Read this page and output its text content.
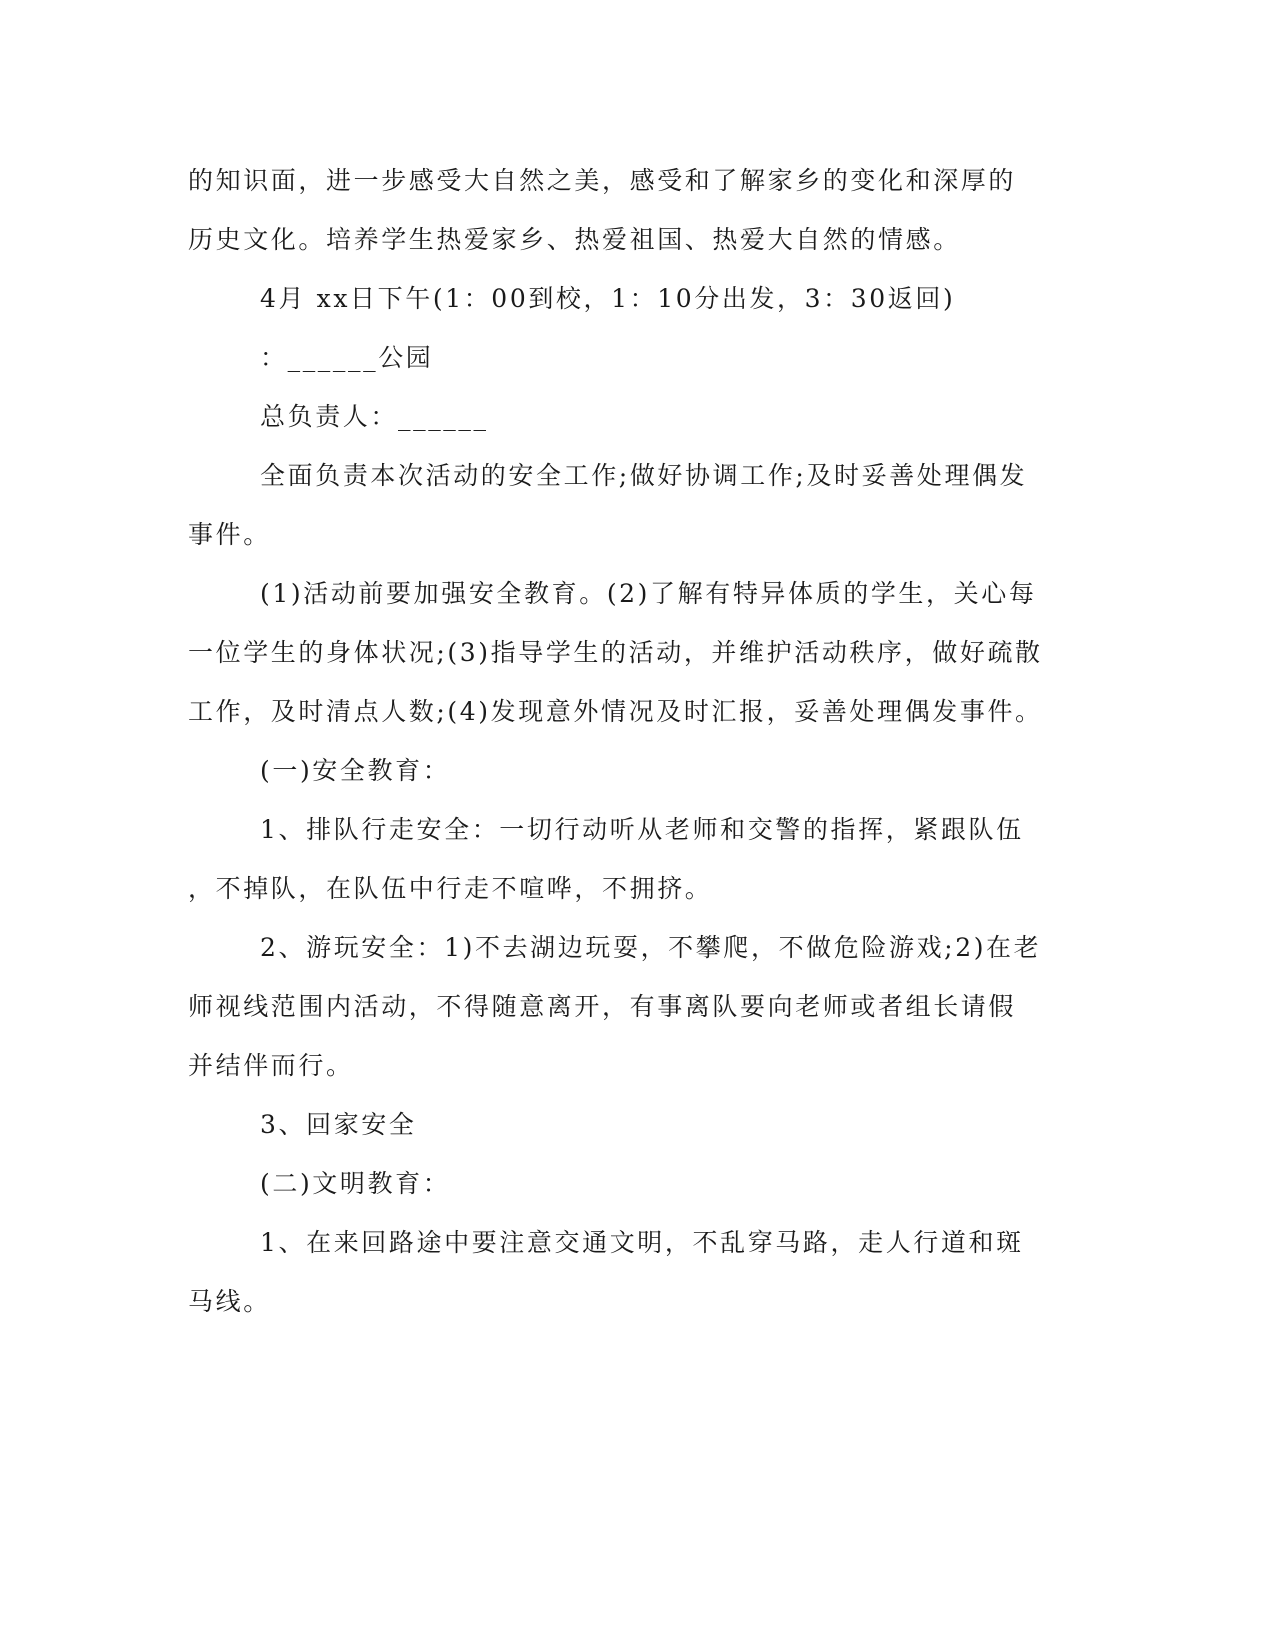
的知识面，进一步感受大自然之美，感受和了解家乡的变化和深厚的
历史文化。培养学生热爱家乡、热爱祖国、热爱大自然的情感。
4月 xx日下午(1：00到校，1：10分出发，3：30返回)
：______公园
总负责人：______
全面负责本次活动的安全工作;做好协调工作;及时妥善处理偶发
事件。
(1)活动前要加强安全教育。(2)了解有特异体质的学生，关心每
一位学生的身体状况;(3)指导学生的活动，并维护活动秩序，做好疏散
工作，及时清点人数;(4)发现意外情况及时汇报，妥善处理偶发事件。
(一)安全教育：
1、排队行走安全：一切行动听从老师和交警的指挥，紧跟队伍
，不掉队，在队伍中行走不喧哗，不拥挤。
2、游玩安全：1)不去湖边玩耍，不攀爬，不做危险游戏;2)在老
师视线范围内活动，不得随意离开，有事离队要向老师或者组长请假
并结伴而行。
3、回家安全
(二)文明教育：
1、在来回路途中要注意交通文明，不乱穿马路，走人行道和斑
马线。
